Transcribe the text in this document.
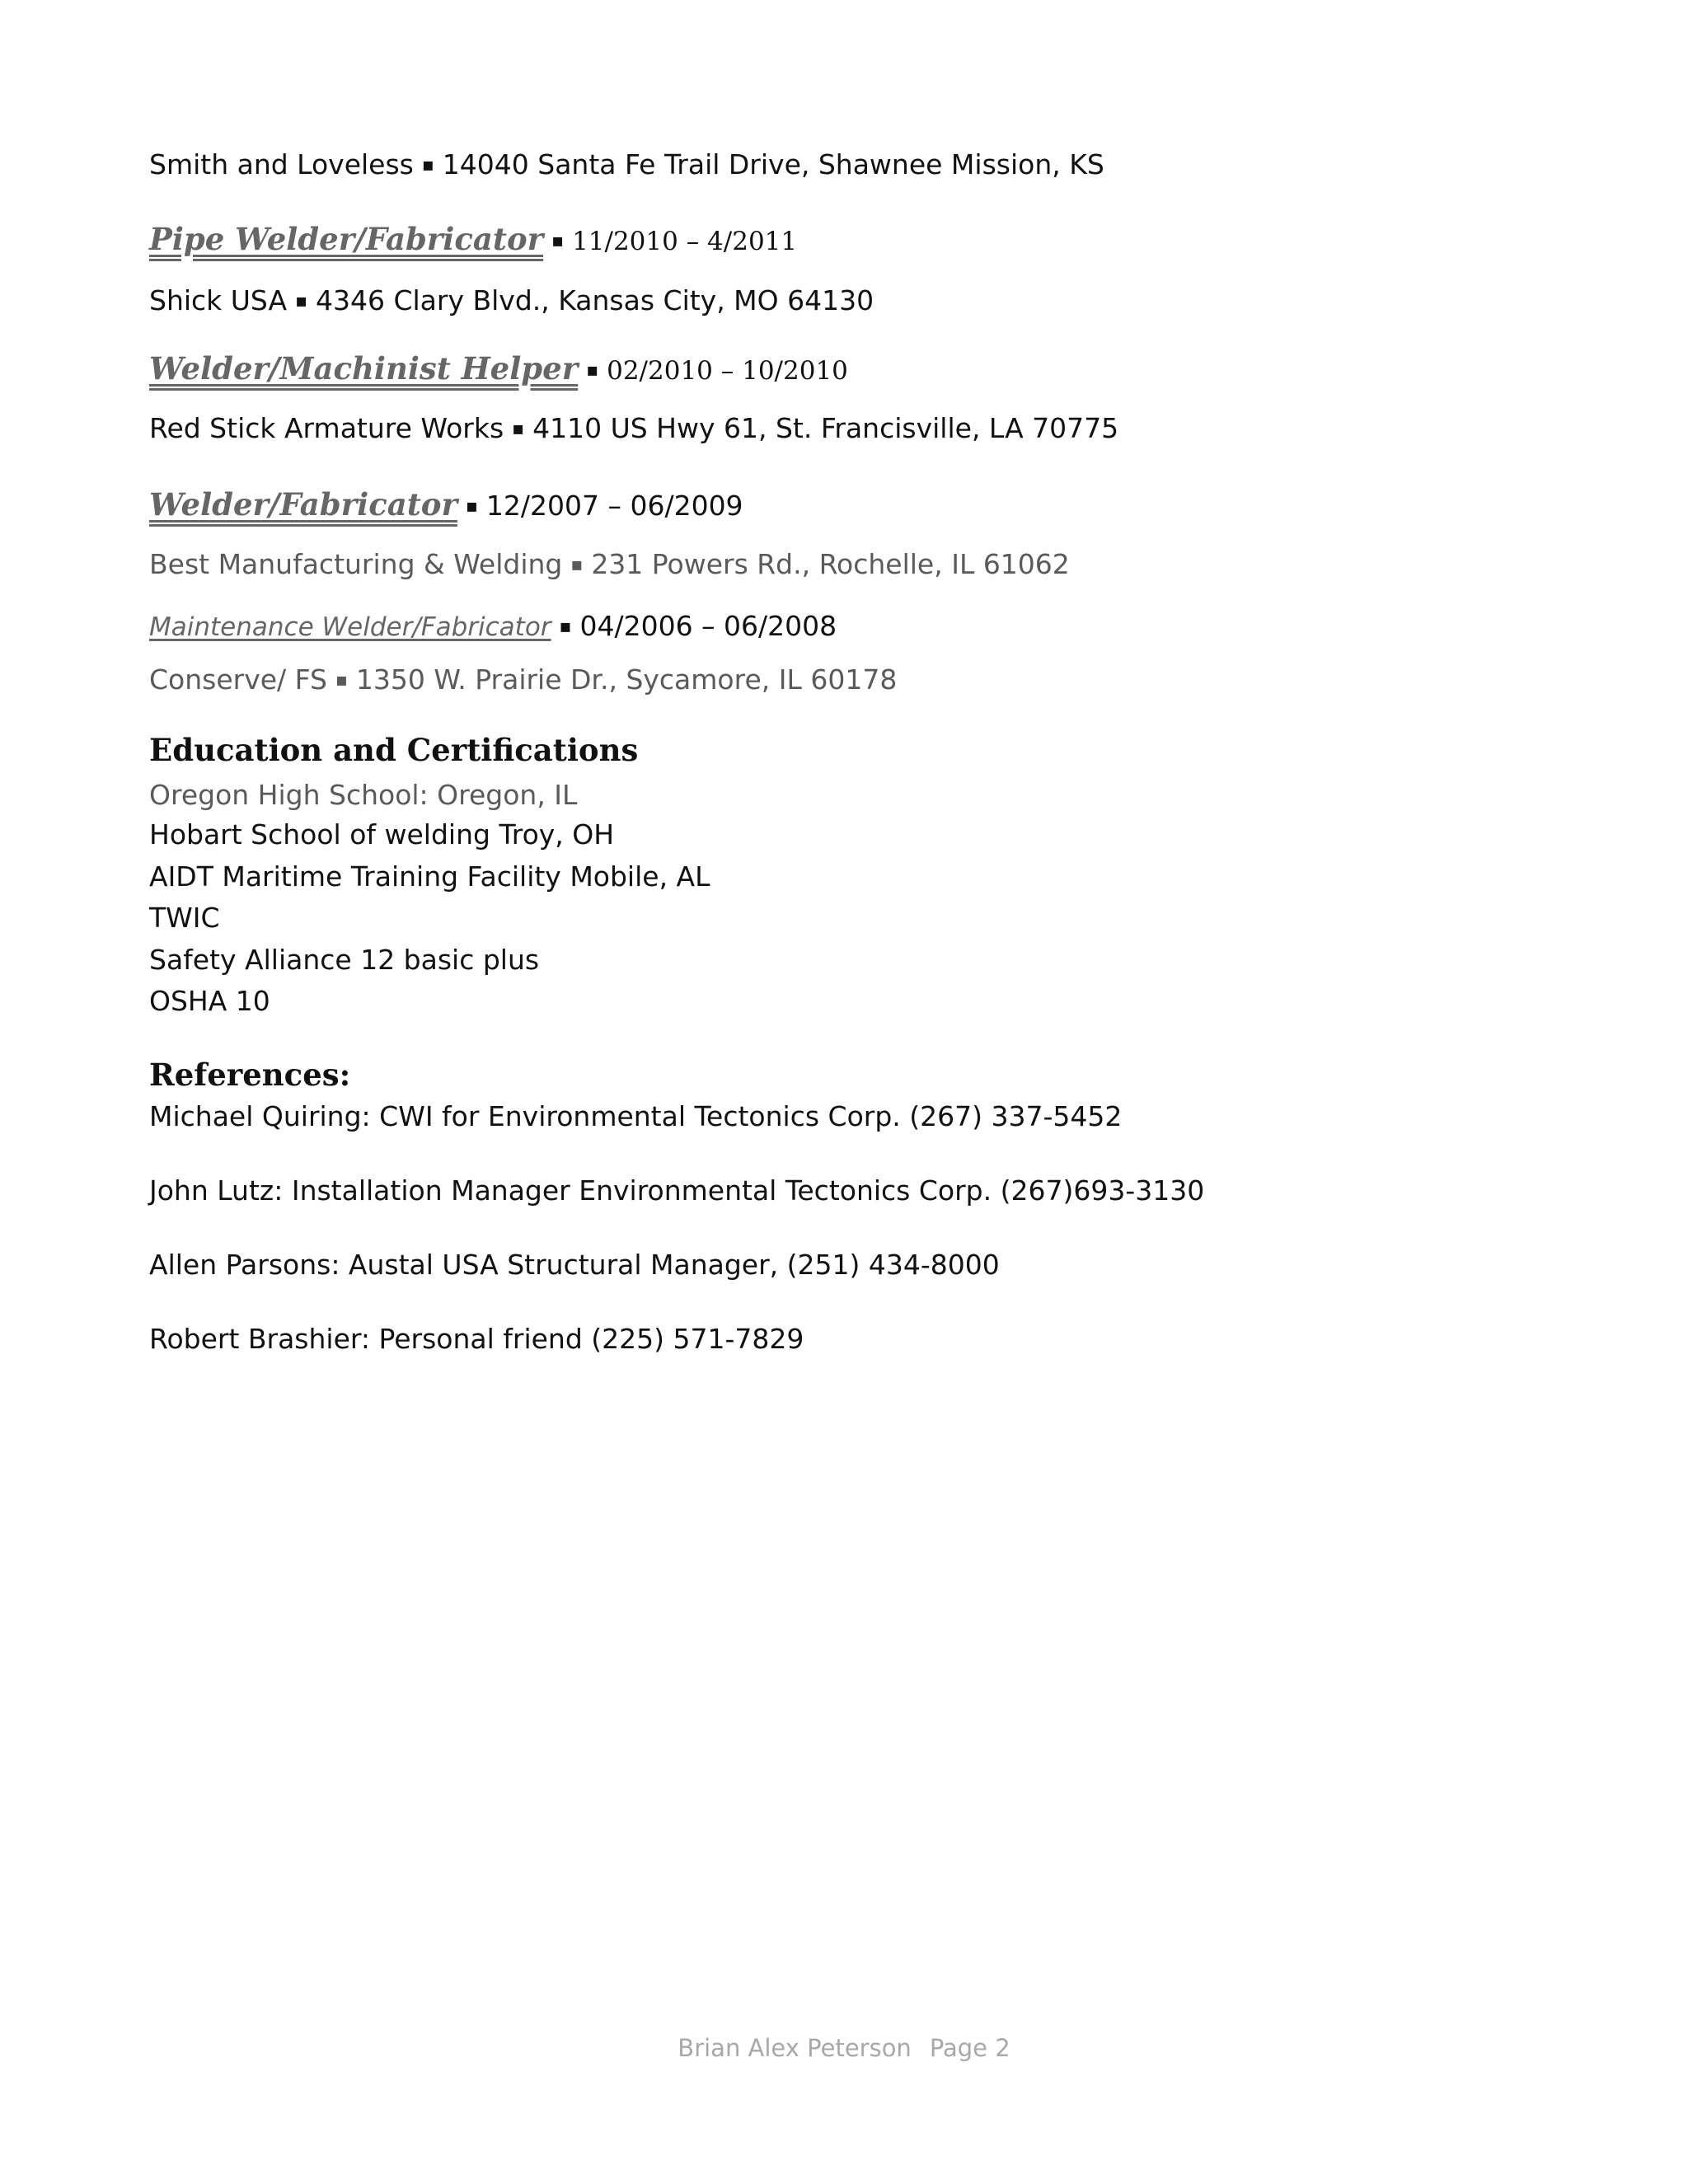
Smith and Loveless ▪ 14040 Santa Fe Trail Drive, Shawnee Mission, KS
Pipe Welder/Fabricator ▪ 11/2010 – 4/2011
Shick USA ▪ 4346 Clary Blvd., Kansas City, MO 64130
Welder/Machinist Helper ▪ 02/2010 – 10/2010
Red Stick Armature Works ▪ 4110 US Hwy 61, St. Francisville, LA 70775
Welder/Fabricator ▪ 12/2007 – 06/2009
Best Manufacturing & Welding ▪ 231 Powers Rd., Rochelle, IL 61062
Maintenance Welder/Fabricator ▪ 04/2006 – 06/2008
Conserve/ FS ▪ 1350 W. Prairie Dr., Sycamore, IL 60178
Education and Certifications
Oregon High School: Oregon, IL
Hobart School of welding Troy, OH
AIDT Maritime Training Facility Mobile, AL
TWIC
Safety Alliance 12 basic plus
OSHA 10
References:
Michael Quiring: CWI for Environmental Tectonics Corp. (267) 337-5452
John Lutz: Installation Manager Environmental Tectonics Corp. (267)693-3130
Allen Parsons: Austal USA Structural Manager, (251) 434-8000
Robert Brashier: Personal friend (225) 571-7829
Brian Alex Peterson Page 2
